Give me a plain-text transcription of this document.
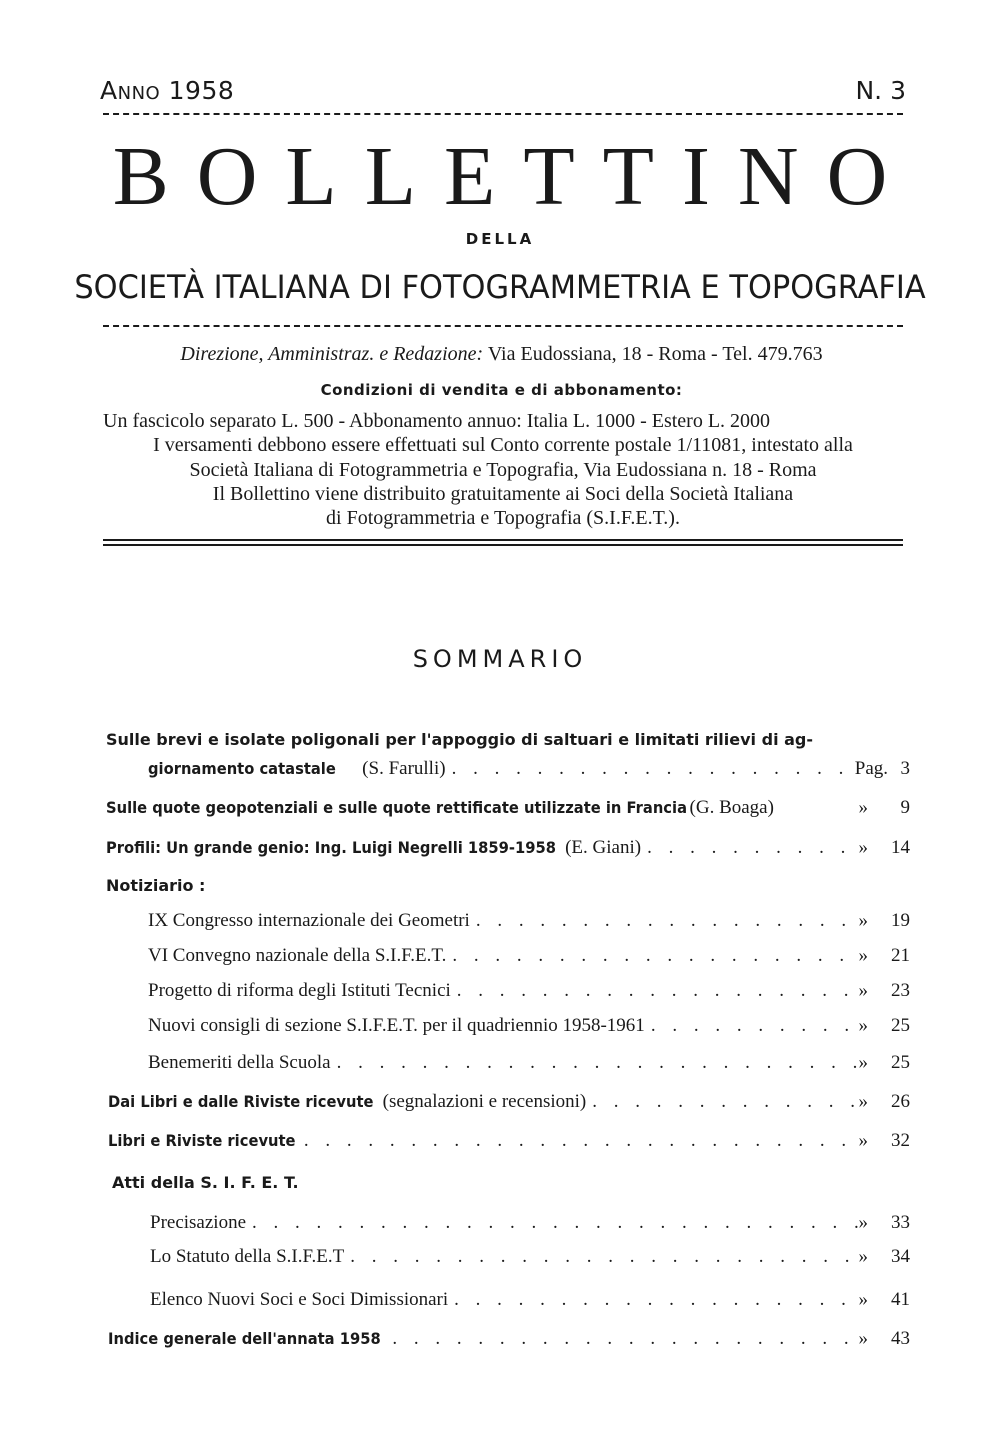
Anno 1958	N. 3
BOLLETTINO
DELLA
SOCIETÀ ITALIANA DI FOTOGRAMMETRIA E TOPOGRAFIA
Direzione, Amministraz. e Redazione: Via Eudossiana, 18 - Roma - Tel. 479.763
Condizioni di vendita e di abbonamento:
Un fascicolo separato L. 500 - Abbonamento annuo: Italia L. 1000 - Estero L. 2000
I versamenti debbono essere effettuati sul Conto corrente postale 1/11081, intestato alla
Società Italiana di Fotogrammetria e Topografia, Via Eudossiana n. 18 - Roma
Il Bollettino viene distribuito gratuitamente ai Soci della Società Italiana
di Fotogrammetria e Topografia (S.I.F.E.T.).
SOMMARIO
Sulle brevi e isolate poligonali per l'appoggio di saltuari e limitati rilievi di ag-
giornamento catastale (S. Farulli) . . .	Pag. 3
Sulle quote geopotenziali e sulle quote rettificate utilizzate in Francia (G. Boaga)	»	9
Profili: Un grande genio: Ing. Luigi Negrelli 1859-1958 (E. Giani) . . .	»	14
Notiziario :
IX Congresso internazionale dei Geometri . . .	»	19
VI Convegno nazionale della S.I.F.E.T. . . .	»	21
Progetto di riforma degli Istituti Tecnici . . .	»	23
Nuovi consigli di sezione S.I.F.E.T. per il quadriennio 1958-1961 . . .	»	25
Benemeriti della Scuola . . .	»	25
Dai Libri e dalle Riviste ricevute (segnalazioni e recensioni) . . .	»	26
Libri e Riviste ricevute . . .	»	32
Atti della S. I. F. E. T.
Precisazione . . .	»	33
Lo Statuto della S.I.F.E.T . . .	»	34
Elenco Nuovi Soci e Soci Dimissionari . . .	»	41
Indice generale dell'annata 1958 . . .	»	43
